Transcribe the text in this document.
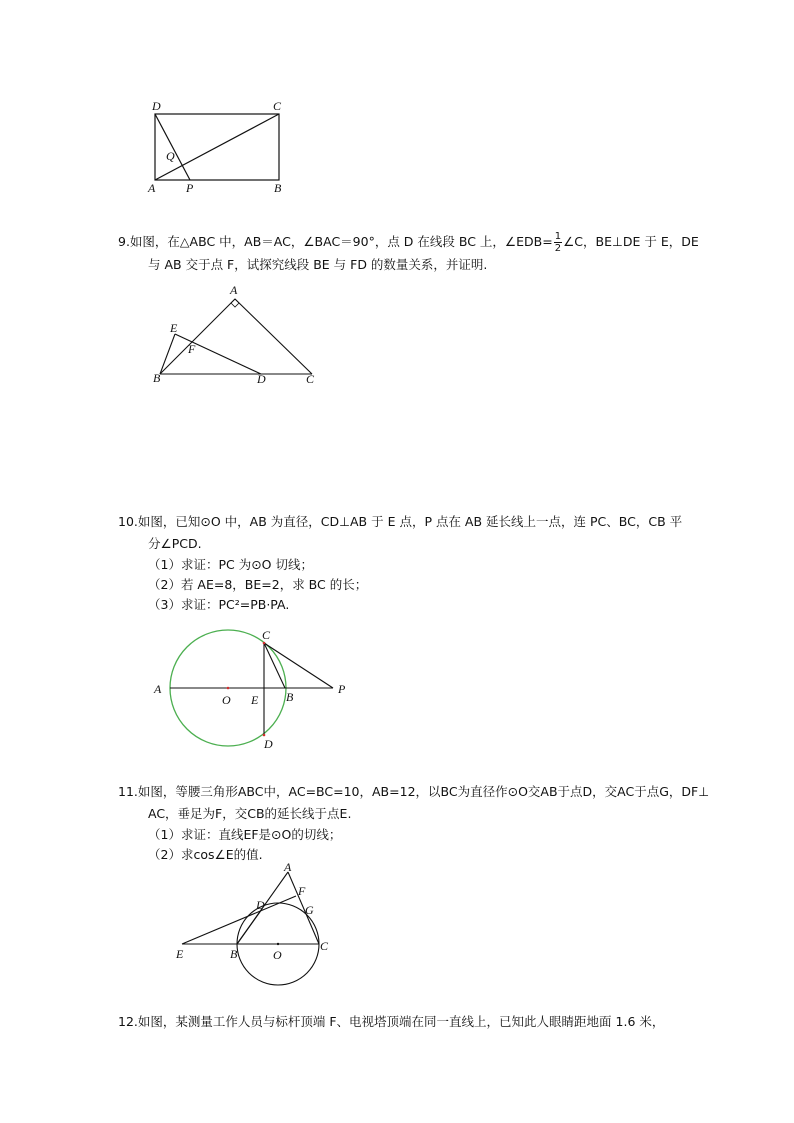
D	C
Q
A	P	B
9.如图，在△ABC 中，AB＝AC，∠BAC＝90°，点 D 在线段 BC 上，∠EDB= $\frac{1}{2}$ ∠C，BE⊥DE 于 E，DE
与 AB 交于点 F，试探究线段 BE 与 FD 的数量关系，并证明.
A
E
F
B	D	C
10.如图，已知⊙O 中，AB 为直径，CD⊥AB 于 E 点，P 点在 AB 延长线上一点，连 PC、BC，CB 平
分∠PCD.
（1）求证：PC 为⊙O 切线；
（2）若 AE=8，BE=2，求 BC 的长；
（3）求证：PC²=PB·PA.
C
A
O E B
P
D
11.如图，等腰三角形ABC中，AC=BC=10，AB=12，以BC为直径作⊙O交AB于点D，交AC于点G，DF⊥
AC，垂足为F，交CB的延长线于点E.
（1）求证：直线EF是⊙O的切线；
（2）求cos∠E的值.
A
F
D	G
E	B	O
C
12.如图，某测量工作人员与标杆顶端 F、电视塔顶端在同一直线上，已知此人眼睛距地面 1.6 米，
